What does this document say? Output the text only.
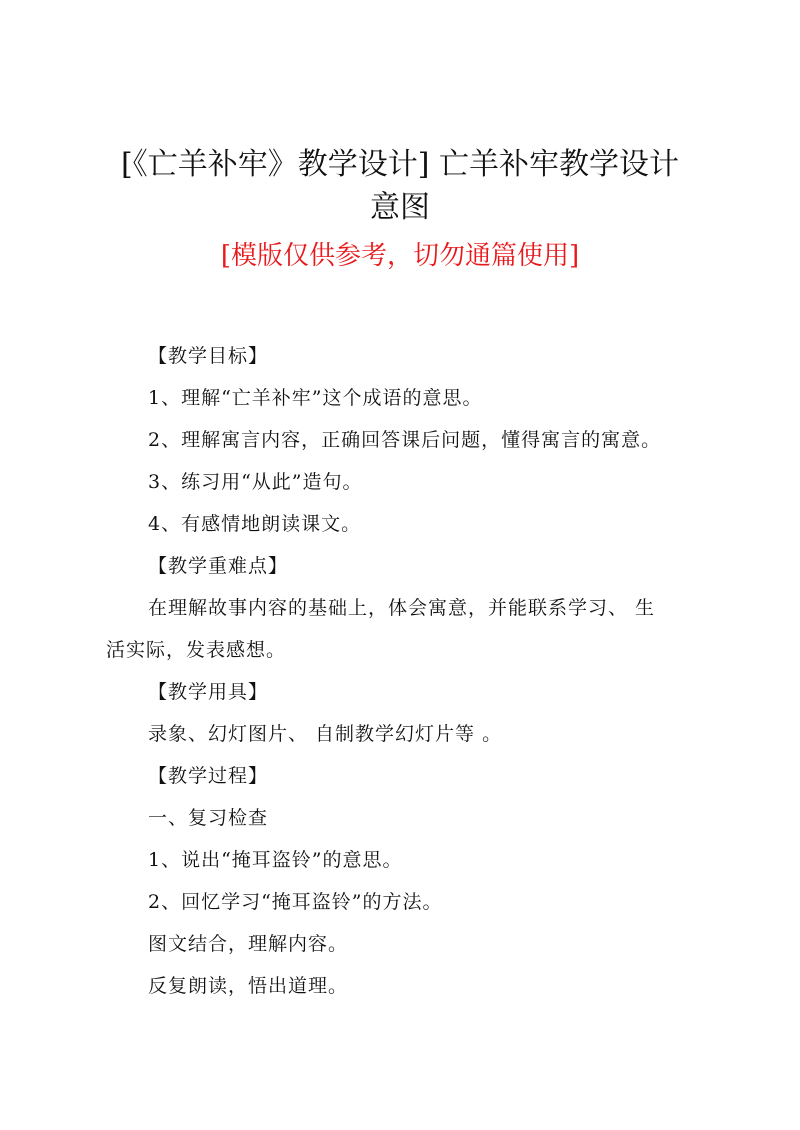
[《亡羊补牢》教学设计] 亡羊补牢教学设计
意图
[模版仅供参考，切勿通篇使用]
【教学目标】
1、理解“亡羊补牢”这个成语的意思。
2、理解寓言内容，正确回答课后问题，懂得寓言的寓意。
3、练习用“从此”造句。
4、有感情地朗读课文。
【教学重难点】
在理解故事内容的基础上，体会寓意，并能联系学习、 生
活实际，发表感想。
【教学用具】
录象、幻灯图片、 自制教学幻灯片等 。
【教学过程】
一、复习检查
1、说出“掩耳盗铃”的意思。
2、回忆学习“掩耳盗铃”的方法。
图文结合，理解内容。
反复朗读，悟出道理。
